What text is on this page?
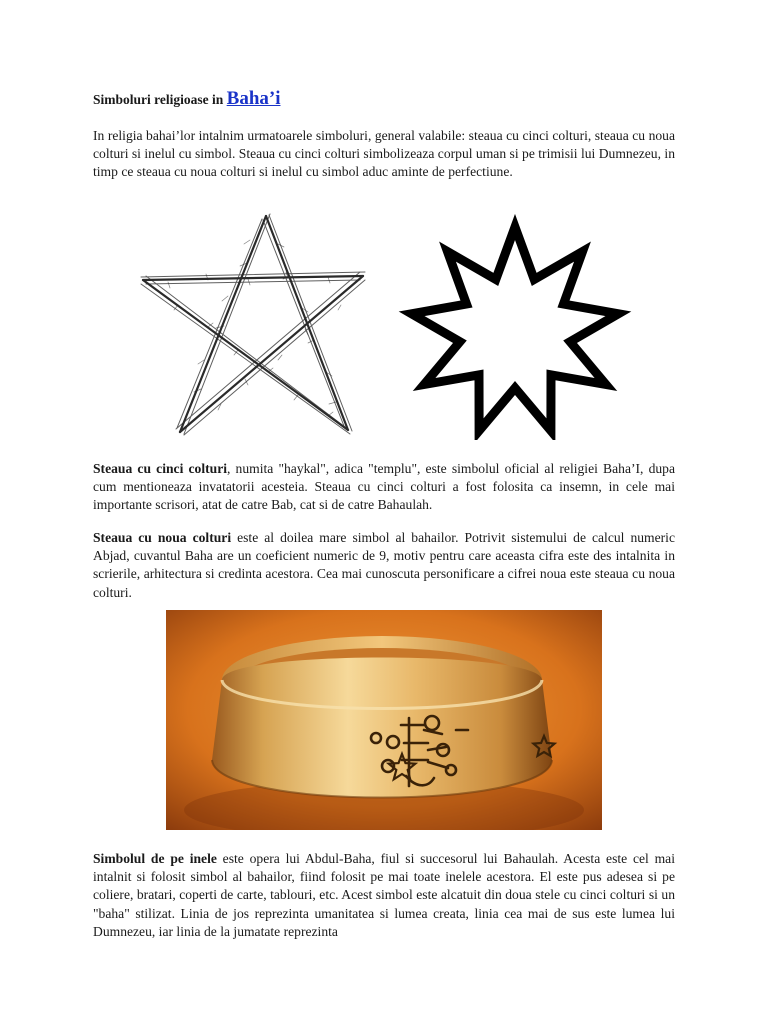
Simboluri religioase in Baha’i

In religia bahai’lor intalnim urmatoarele simboluri, general valabile: steaua cu cinci colturi, steaua cu noua colturi si inelul cu simbol. Steaua cu cinci colturi simbolizeaza corpul uman si pe trimisii lui Dumnezeu, in timp ce steaua cu noua colturi si inelul cu simbol aduc aminte de perfectiune.

Steaua cu cinci colturi, numita "haykal", adica "templu", este simbolul oficial al religiei Baha’I, dupa cum mentioneaza invatatorii acesteia. Steaua cu cinci colturi a fost folosita ca insemn, in cele mai importante scrisori, atat de catre Bab, cat si de catre Bahaulah.

Steaua cu noua colturi este al doilea mare simbol al bahailor. Potrivit sistemului de calcul numeric Abjad, cuvantul Baha are un coeficient numeric de 9, motiv pentru care aceasta cifra este des intalnita in scrierile, arhitectura si credinta acestora. Cea mai cunoscuta personificare a cifrei noua este steaua cu noua colturi.

Simbolul de pe inele este opera lui Abdul-Baha, fiul si succesorul lui Bahaulah. Acesta este cel mai intalnit si folosit simbol al bahailor, fiind folosit pe mai toate inelele acestora. El este pus adesea si pe coliere, bratari, coperti de carte, tablouri, etc. Acest simbol este alcatuit din doua stele cu cinci colturi si un "baha" stilizat. Linia de jos reprezinta umanitatea si lumea creata, linia cea mai de sus este lumea lui Dumnezeu, iar linia de la jumatate reprezinta
